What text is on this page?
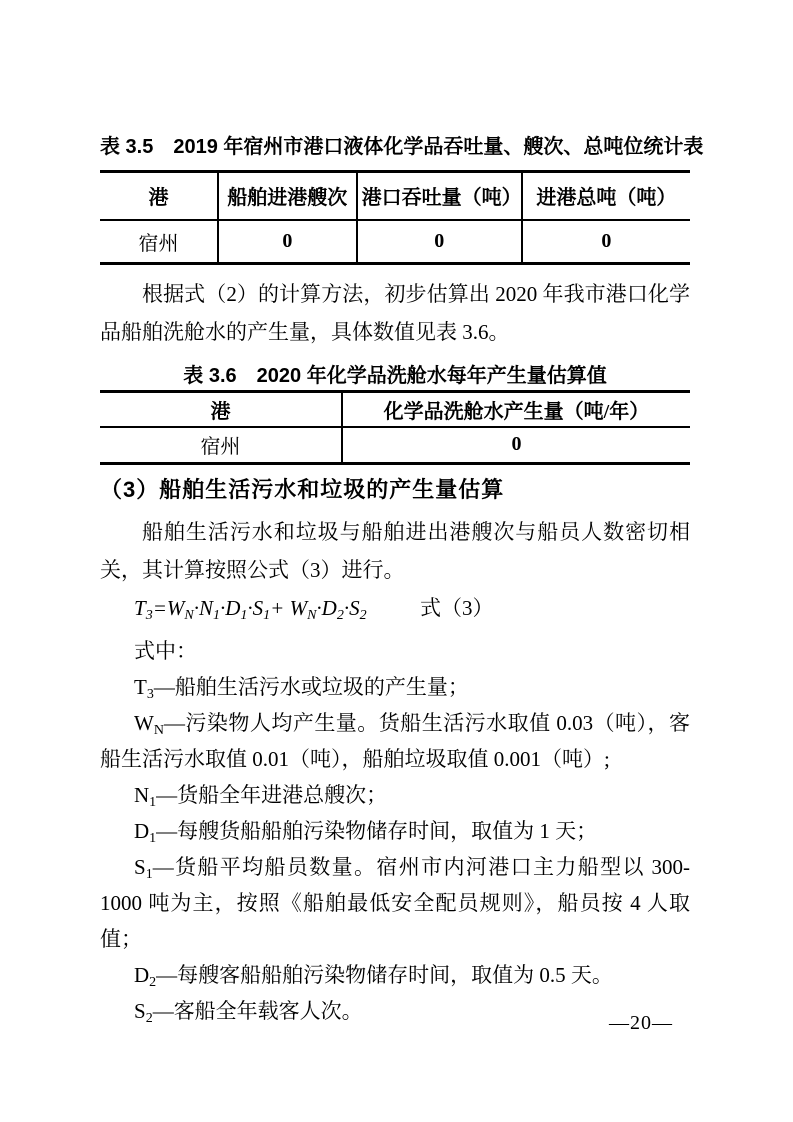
表 3.5　2019 年宿州市港口液体化学品吞吐量、艘次、总吨位统计表
港	船舶进港艘次	港口吞吐量（吨）	进港总吨（吨）
宿州	0	0	0

根据式（2）的计算方法，初步估算出 2020 年我市港口化学品船舶洗舱水的产生量，具体数值见表 3.6。

表 3.6　2020 年化学品洗舱水每年产生量估算值
港	化学品洗舱水产生量（吨/年）
宿州	0
（3）船舶生活污水和垃圾的产生量估算

船舶生活污水和垃圾与船舶进出港艘次与船员人数密切相关，其计算按照公式（3）进行。

$T_3=W_N\cdot N_1\cdot D_1\cdot S_1+ W_N\cdot D_2\cdot S_2$	式（3）

式中：

$T_3—$船舶生活污水或垃圾的产生量；

$W_N—$污染物人均产生量。货船生活污水取值 0.03（吨），客船生活污水取值 0.01（吨），船舶垃圾取值 0.001（吨）;

$N_1—$货船全年进港总艘次；

$D_1—$每艘货船船舶污染物储存时间，取值为 1 天；

$S_1—$货船平均船员数量。宿州市内河港口主力船型以 300-1000 吨为主，按照《船舶最低安全配员规则》，船员按 4 人取值；

$D_2—$每艘客船船舶污染物储存时间，取值为 0.5 天。

$S_2—$客船全年载客人次。	—20—
